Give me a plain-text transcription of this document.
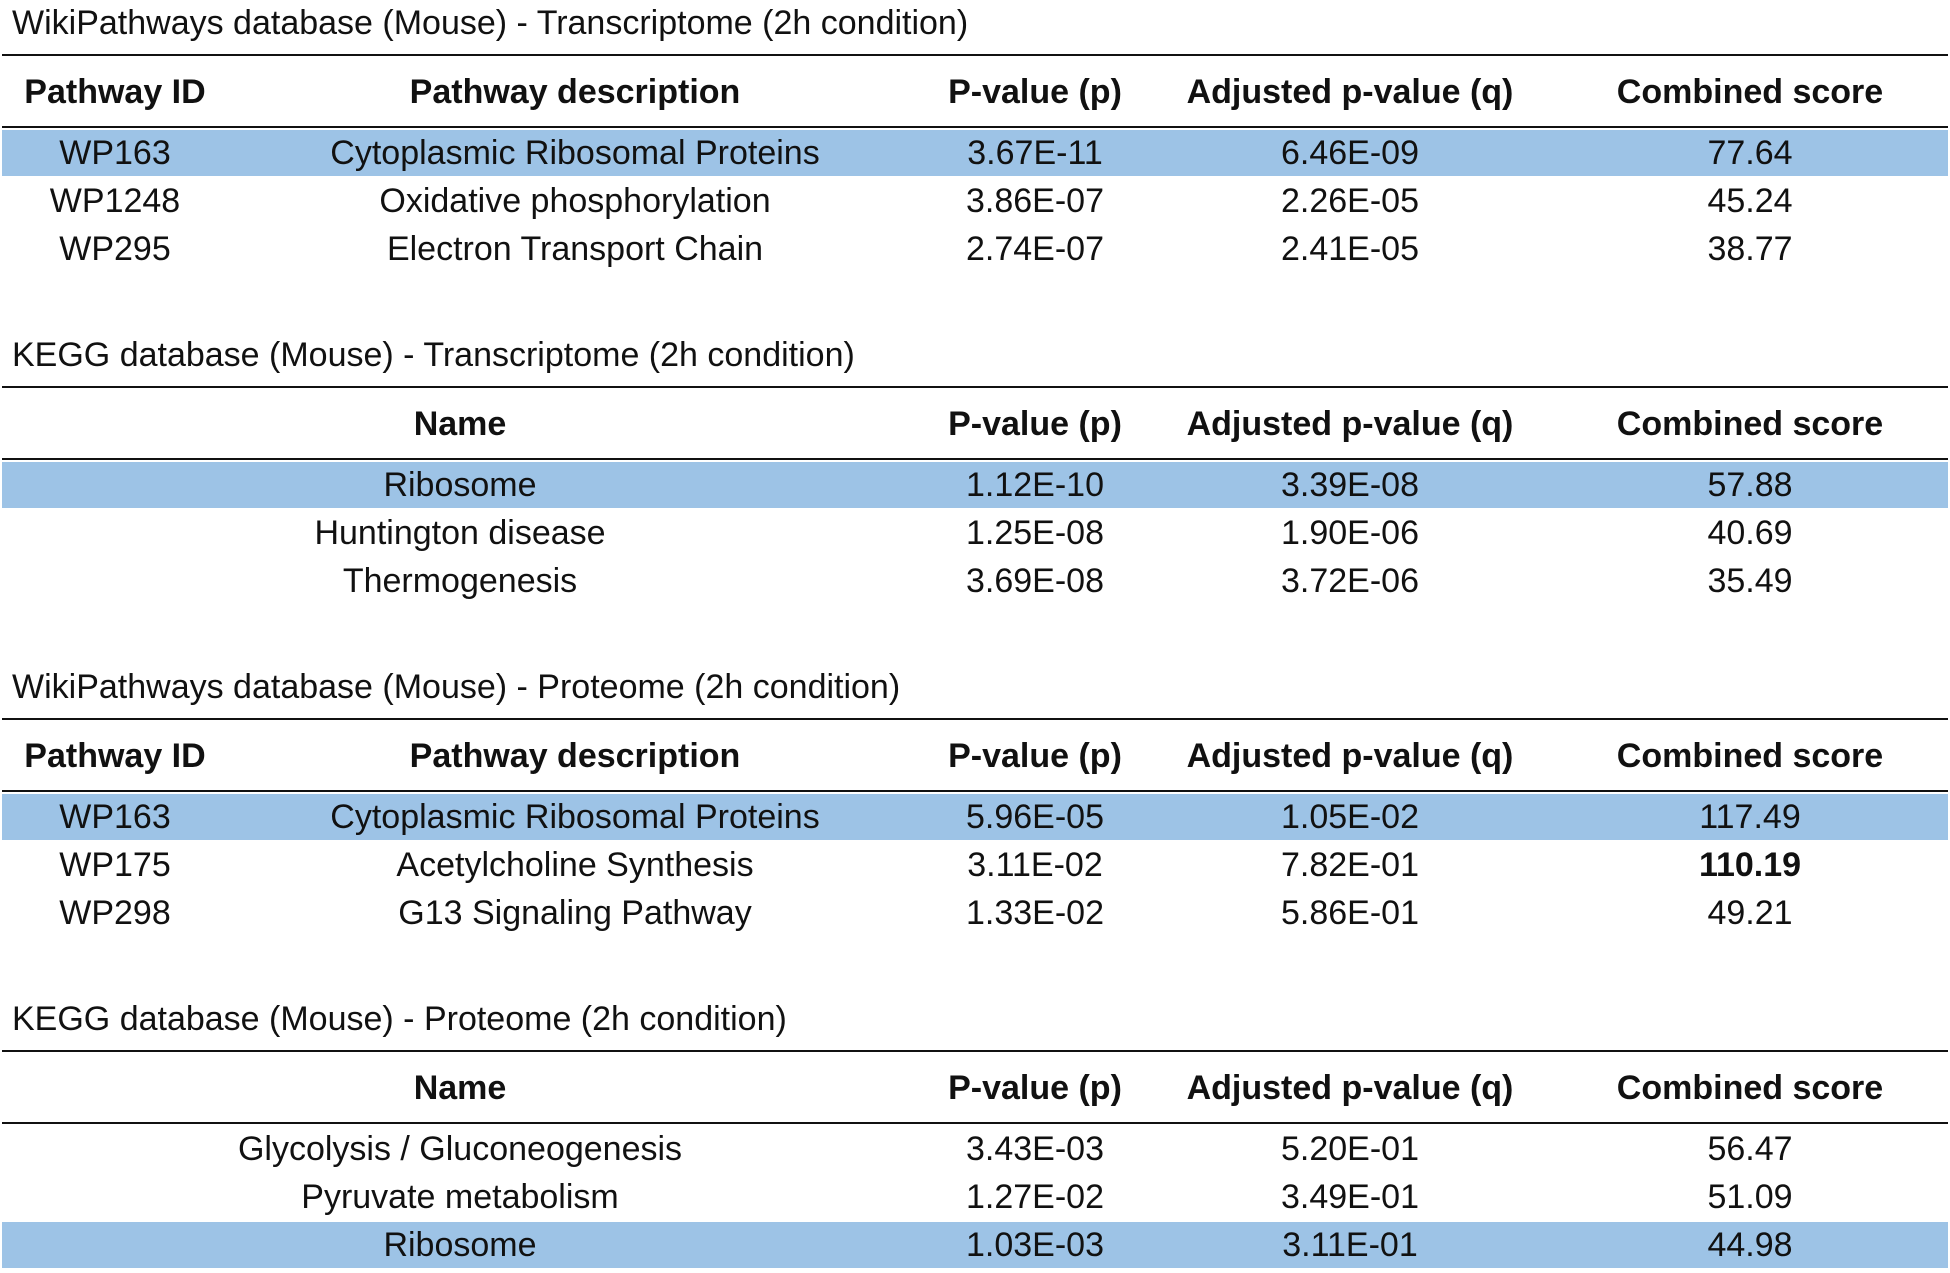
WikiPathways database (Mouse) - Transcriptome (2h condition)
Pathway ID	Pathway description	P-value (p)	Adjusted p-value (q)	Combined score
WP163	Cytoplasmic Ribosomal Proteins	3.67E-11	6.46E-09	77.64
WP1248	Oxidative phosphorylation	3.86E-07	2.26E-05	45.24
WP295	Electron Transport Chain	2.74E-07	2.41E-05	38.77
KEGG database (Mouse) - Transcriptome (2h condition)
Name	P-value (p)	Adjusted p-value (q)	Combined score
Ribosome	1.12E-10	3.39E-08	57.88
Huntington disease	1.25E-08	1.90E-06	40.69
Thermogenesis	3.69E-08	3.72E-06	35.49
WikiPathways database (Mouse) - Proteome (2h condition)
Pathway ID	Pathway description	P-value (p)	Adjusted p-value (q)	Combined score
WP163	Cytoplasmic Ribosomal Proteins	5.96E-05	1.05E-02	117.49
WP175	Acetylcholine Synthesis	3.11E-02	7.82E-01	110.19
WP298	G13 Signaling Pathway	1.33E-02	5.86E-01	49.21
KEGG database (Mouse) - Proteome (2h condition)
Name	P-value (p)	Adjusted p-value (q)	Combined score
Glycolysis / Gluconeogenesis	3.43E-03	5.20E-01	56.47
Pyruvate metabolism	1.27E-02	3.49E-01	51.09
Ribosome	1.03E-03	3.11E-01	44.98
